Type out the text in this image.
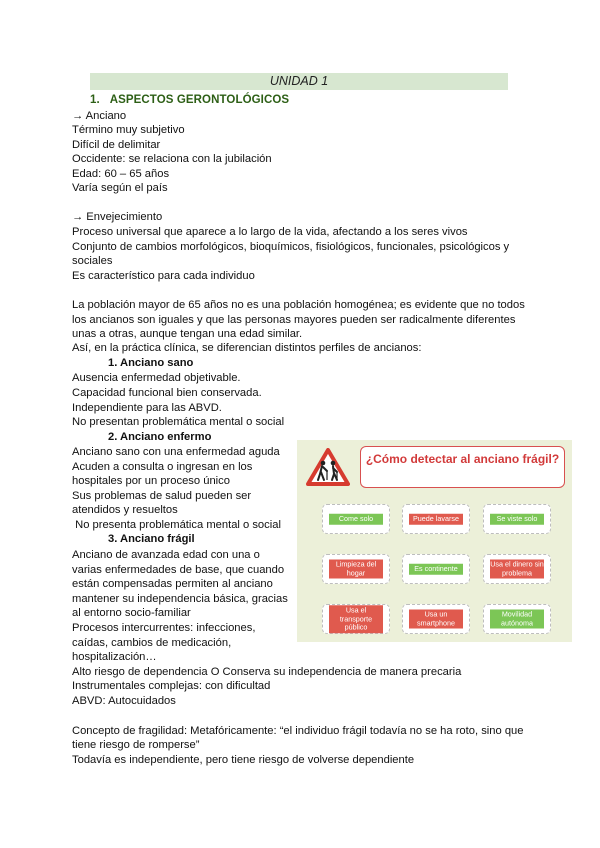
UNIDAD 1
1. ASPECTOS GERONTOLÓGICOS
→ Anciano
Término muy subjetivo
Difícil de delimitar
Occidente: se relaciona con la jubilación
Edad: 60 – 65 años
Varía según el país
→ Envejecimiento
Proceso universal que aparece a lo largo de la vida, afectando a los seres vivos
Conjunto de cambios morfológicos, bioquímicos, fisiológicos, funcionales, psicológicos y
sociales
Es característico para cada individuo
La población mayor de 65 años no es una población homogénea; es evidente que no todos
los ancianos son iguales y que las personas mayores pueden ser radicalmente diferentes
unas a otras, aunque tengan una edad similar.
Así, en la práctica clínica, se diferencian distintos perfiles de ancianos:
1. Anciano sano
Ausencia enfermedad objetivable.
Capacidad funcional bien conservada.
Independiente para las ABVD.
No presentan problemática mental o social
2. Anciano enfermo
Anciano sano con una enfermedad aguda
Acuden a consulta o ingresan en los
hospitales por un proceso único
Sus problemas de salud pueden ser
atendidos y resueltos
No presenta problemática mental o social
3. Anciano frágil
Anciano de avanzada edad con una o
varias enfermedades de base, que cuando
están compensadas permiten al anciano
mantener su independencia básica, gracias
al entorno socio-familiar
Procesos intercurrentes: infecciones,
caídas, cambios de medicación,
hospitalización…
Alto riesgo de dependencia O Conserva su independencia de manera precaria
Instrumentales complejas: con dificultad
ABVD: Autocuidados
Concepto de fragilidad: Metafóricamente: “el individuo frágil todavía no se ha roto, sino que
tiene riesgo de romperse”
Todavía es independiente, pero tiene riesgo de volverse dependiente
¿Cómo detectar al anciano frágil?
Come solo	Puede lavarse	Se viste solo
Limpieza del hogar	Es continente	Usa el dinero sin problema
Usa el transporte público
Usa un smartphone
Movilidad autónoma
